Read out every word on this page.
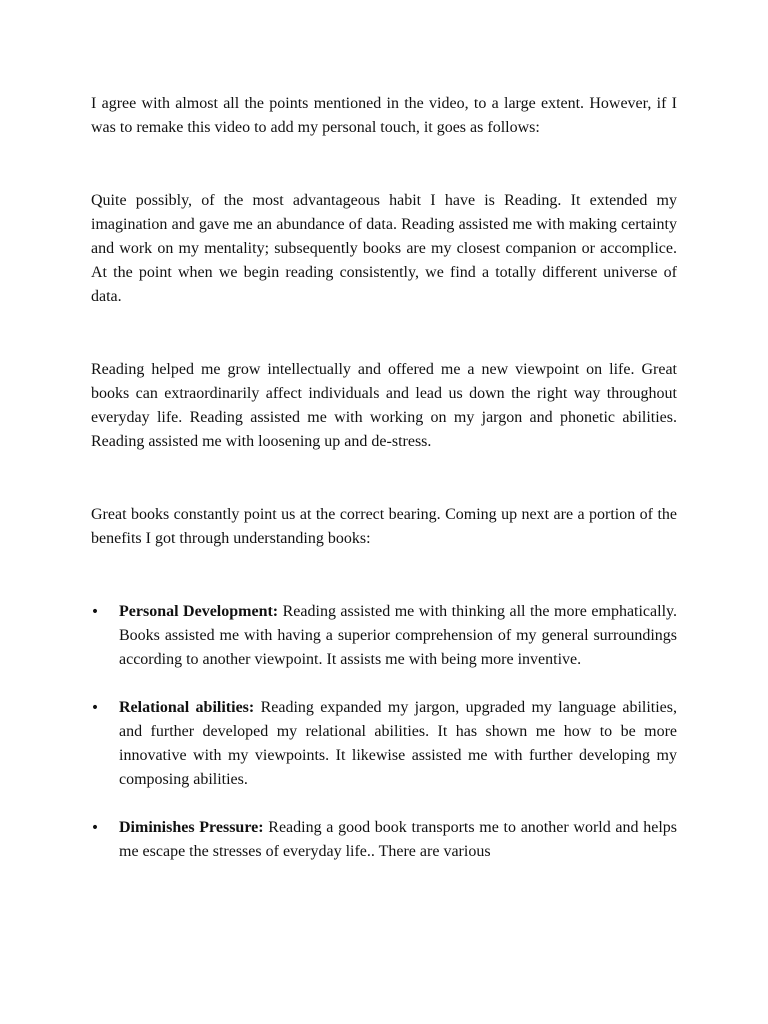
I agree with almost all the points mentioned in the video, to a large extent. However, if I was to remake this video to add my personal touch, it goes as follows:

Quite possibly, of the most advantageous habit I have is Reading. It extended my imagination and gave me an abundance of data. Reading assisted me with making certainty and work on my mentality; subsequently books are my closest companion or accomplice. At the point when we begin reading consistently, we find a totally different universe of data.

Reading helped me grow intellectually and offered me a new viewpoint on life. Great books can extraordinarily affect individuals and lead us down the right way throughout everyday life. Reading assisted me with working on my jargon and phonetic abilities. Reading assisted me with loosening up and de-stress.

Great books constantly point us at the correct bearing. Coming up next are a portion of the benefits I got through understanding books:

• Personal Development: Reading assisted me with thinking all the more emphatically. Books assisted me with having a superior comprehension of my general surroundings according to another viewpoint. It assists me with being more inventive.
• Relational abilities: Reading expanded my jargon, upgraded my language abilities, and further developed my relational abilities. It has shown me how to be more innovative with my viewpoints. It likewise assisted me with further developing my composing abilities.
• Diminishes Pressure: Reading a good book transports me to another world and helps me escape the stresses of everyday life.. There are various
